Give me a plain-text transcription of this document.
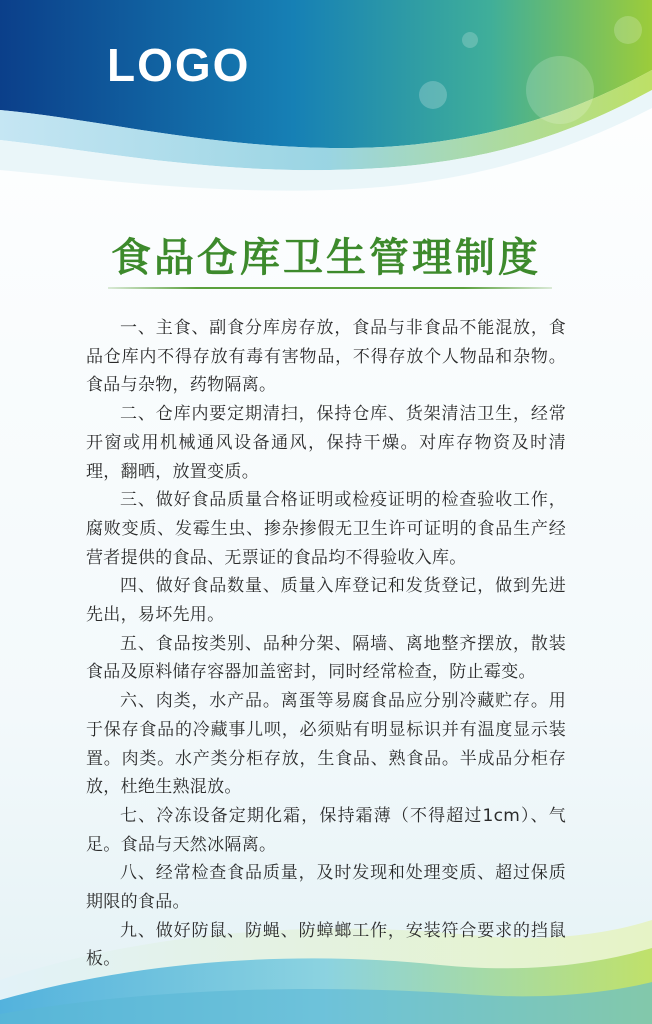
LOGO
食品仓库卫生管理制度

一、主食、副食分库房存放，食品与非食品不能混放，食品仓库内不得存放有毒有害物品，不得存放个人物品和杂物。食品与杂物，药物隔离。

二、仓库内要定期清扫，保持仓库、货架清洁卫生，经常开窗或用机械通风设备通风，保持干燥。对库存物资及时清理，翻晒，放置变质。

三、做好食品质量合格证明或检疫证明的检查验收工作，腐败变质、发霉生虫、掺杂掺假无卫生许可证明的食品生产经营者提供的食品、无票证的食品均不得验收入库。

四、做好食品数量、质量入库登记和发货登记，做到先进先出，易坏先用。

五、食品按类别、品种分架、隔墙、离地整齐摆放，散装食品及原料储存容器加盖密封，同时经常检查，防止霉变。

六、肉类，水产品。离蛋等易腐食品应分别冷藏贮存。用于保存食品的冷藏事儿呗，必须贴有明显标识并有温度显示装置。肉类。水产类分柜存放，生食品、熟食品。半成品分柜存放，杜绝生熟混放。

七、冷冻设备定期化霜，保持霜薄（不得超过1cm）、气足。食品与天然冰隔离。

八、经常检查食品质量，及时发现和处理变质、超过保质期限的食品。

九、做好防鼠、防蝇、防蟑螂工作，安装符合要求的挡鼠板。
